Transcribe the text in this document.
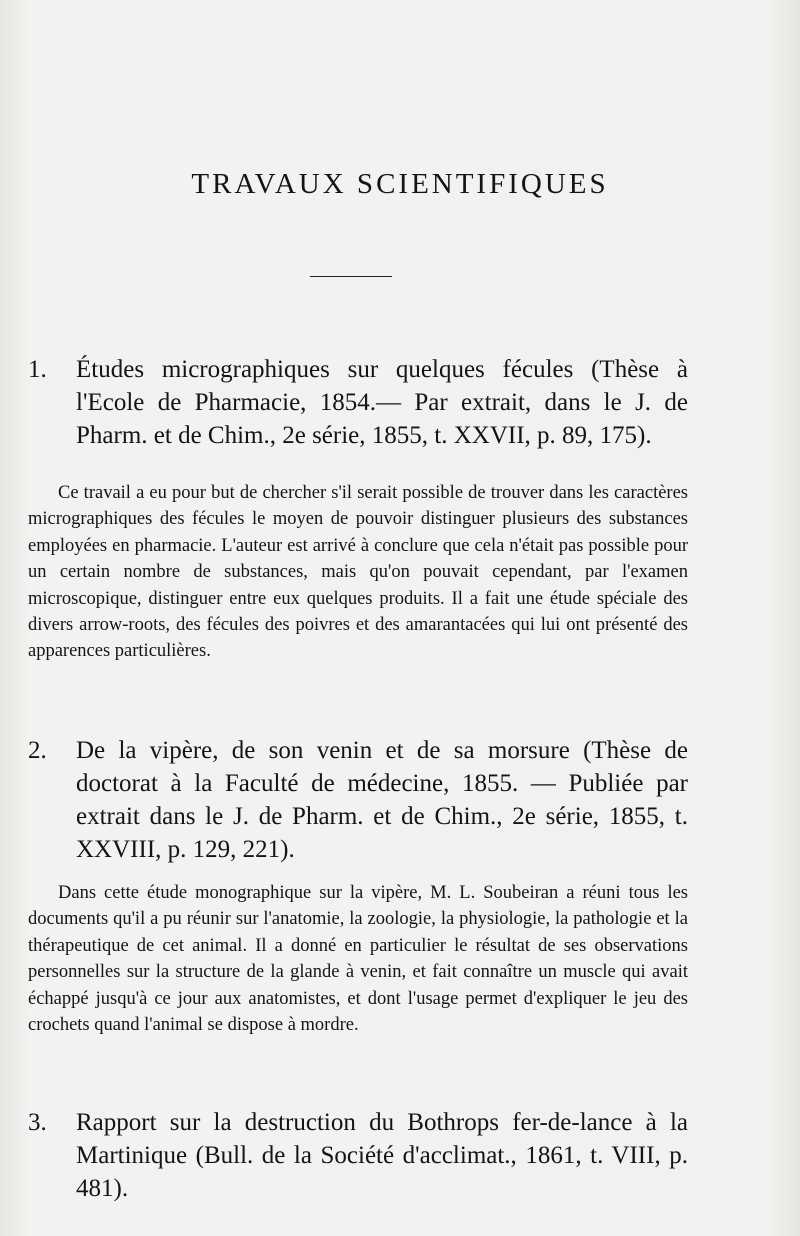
TRAVAUX SCIENTIFIQUES

1. Études micrographiques sur quelques fécules (Thèse à l'Ecole de Pharmacie, 1854.— Par extrait, dans le J. de Pharm. et de Chim., 2e série, 1855, t. XXVII, p. 89, 175).

Ce travail a eu pour but de chercher s'il serait possible de trouver dans les caractères micrographiques des fécules le moyen de pouvoir distinguer plusieurs des substances employées en pharmacie. L'auteur est arrivé à conclure que cela n'était pas possible pour un certain nombre de substances, mais qu'on pouvait cependant, par l'examen microscopique, distinguer entre eux quelques produits. Il a fait une étude spéciale des divers arrow-roots, des fécules des poivres et des amarantacées qui lui ont présenté des apparences particulières.

2. De la vipère, de son venin et de sa morsure (Thèse de doctorat à la Faculté de médecine, 1855. — Publiée par extrait dans le J. de Pharm. et de Chim., 2e série, 1855, t. XXVIII, p. 129, 221).

Dans cette étude monographique sur la vipère, M. L. Soubeiran a réuni tous les documents qu'il a pu réunir sur l'anatomie, la zoologie, la physiologie, la pathologie et la thérapeutique de cet animal. Il a donné en particulier le résultat de ses observations personnelles sur la structure de la glande à venin, et fait connaître un muscle qui avait échappé jusqu'à ce jour aux anatomistes, et dont l'usage permet d'expliquer le jeu des crochets quand l'animal se dispose à mordre.

3. Rapport sur la destruction du Bothrops fer-de-lance à la Martinique (Bull. de la Société d'acclimat., 1861, t. VIII, p. 481).
